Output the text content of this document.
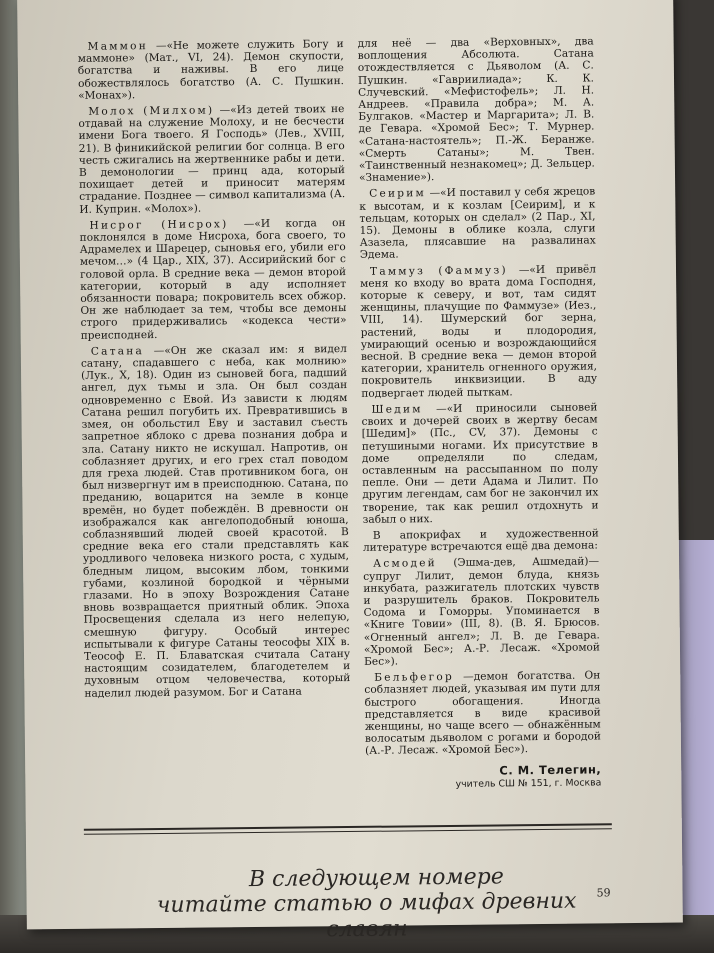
Маммон —«Не можете служить Богу и маммоне» (Мат., VI, 24). Демон скупости, богатства и наживы. В его лице обожествлялось богатство (А. С. Пушкин. «Монах»).

Молох (Милхом) —«Из детей твоих не отдавай на служение Молоху, и не бесчести имени Бога твоего. Я Господь» (Лев., XVIII, 21). В финикийской религии бог солнца. В его честь сжигались на жертвеннике рабы и дети. В демонологии — принц ада, который похищает детей и приносит матерям страдание. Позднее — символ капитализма (А. И. Куприн. «Молох»).

Нисрог (Нисрох) —«И когда он поклонялся в доме Нисроха, бога своего, то Адрамелех и Шарецер, сыновья его, убили его мечом…» (4 Цар., XIX, 37). Ассирийский бог с головой орла. В средние века — демон второй категории, который в аду исполняет обязанности повара; покровитель всех обжор. Он же наблюдает за тем, чтобы все демоны строго придерживались «кодекса чести» преисподней.

Сатана —«Он же сказал им: я видел сатану, спадавшего с неба, как молнию» (Лук., X, 18). Один из сыновей бога, падший ангел, дух тьмы и зла. Он был создан одновременно с Евой. Из зависти к людям Сатана решил погубить их. Превратившись в змея, он обольстил Еву и заставил съесть запретное яблоко с древа познания добра и зла. Сатану никто не искушал. Напротив, он соблазняет других, и его грех стал поводом для греха людей. Став противником бога, он был низвергнут им в преисподнюю. Сатана, по преданию, воцарится на земле в конце времён, но будет побеждён. В древности он изображался как ангелоподобный юноша, соблазнявший людей своей красотой. В средние века его стали представлять как уродливого человека низкого роста, с худым, бледным лицом, высоким лбом, тонкими губами, козлиной бородкой и чёрными глазами. Но в эпоху Возрождения Сатане вновь возвращается приятный облик. Эпоха Просвещения сделала из него нелепую, смешную фигуру. Особый интерес испытывали к фигуре Сатаны теософы XIX в. Теософ Е. П. Блаватская считала Сатану настоящим созидателем, благодетелем и духовным отцом человечества, который наделил людей разумом. Бог и Сатана

для неё — два «Верховных», два воплощения Абсолюта. Сатана отождествляется с Дьяволом (А. С. Пушкин. «Гавриилиада»; К. К. Случевский. «Мефистофель»; Л. Н. Андреев. «Правила добра»; М. А. Булгаков. «Мастер и Маргарита»; Л. В. де Гевара. «Хромой Бес»; Т. Мурнер. «Сатана-настоятель»; П.-Ж. Беранже. «Смерть Сатаны»; М. Твен. «Таинственный незнакомец»; Д. Зельцер. «Знамение»).

Сеирим —«И поставил у себя жрецов к высотам, и к козлам [Сеирим], и к тельцам, которых он сделал» (2 Пар., XI, 15). Демоны в облике козла, слуги Азазела, плясавшие на развалинах Эдема.

Таммуз (Фаммуз) —«И привёл меня ко входу во врата дома Господня, которые к северу, и вот, там сидят женщины, плачущие по Фаммузе» (Иез., VIII, 14). Шумерский бог зерна, растений, воды и плодородия, умирающий осенью и возрождающийся весной. В средние века — демон второй категории, хранитель огненного оружия, покровитель инквизиции. В аду подвергает людей пыткам.

Шедим —«И приносили сыновей своих и дочерей своих в жертву бесам [Шедим]» (Пс., CV, 37). Демоны с петушиными ногами. Их присутствие в доме определяли по следам, оставленным на рассыпанном по полу пепле. Они — дети Адама и Лилит. По другим легендам, сам бог не закончил их творение, так как решил отдохнуть и забыл о них.

В апокрифах и художественной литературе встречаются ещё два демона:

Асмодей (Эшма-дев, Ашмедай)—супруг Лилит, демон блуда, князь инкубата, разжигатель плотских чувств и разрушитель браков. Покровитель Содома и Гоморры. Упоминается в «Книге Товии» (III, 8). (В. Я. Брюсов. «Огненный ангел»; Л. В. де Гевара. «Хромой Бес»; А.-Р. Лесаж. «Хромой Бес»).

Бельфегор —демон богатства. Он соблазняет людей, указывая им пути для быстрого обогащения. Иногда представляется в виде красивой женщины, но чаще всего — обнажённым волосатым дьяволом с рогами и бородой (А.-Р. Лесаж. «Хромой Бес»).

С. М. Телегин,
учитель СШ № 151, г. Москва
В следующем номере
читайте статью о мифах древних славян
59
